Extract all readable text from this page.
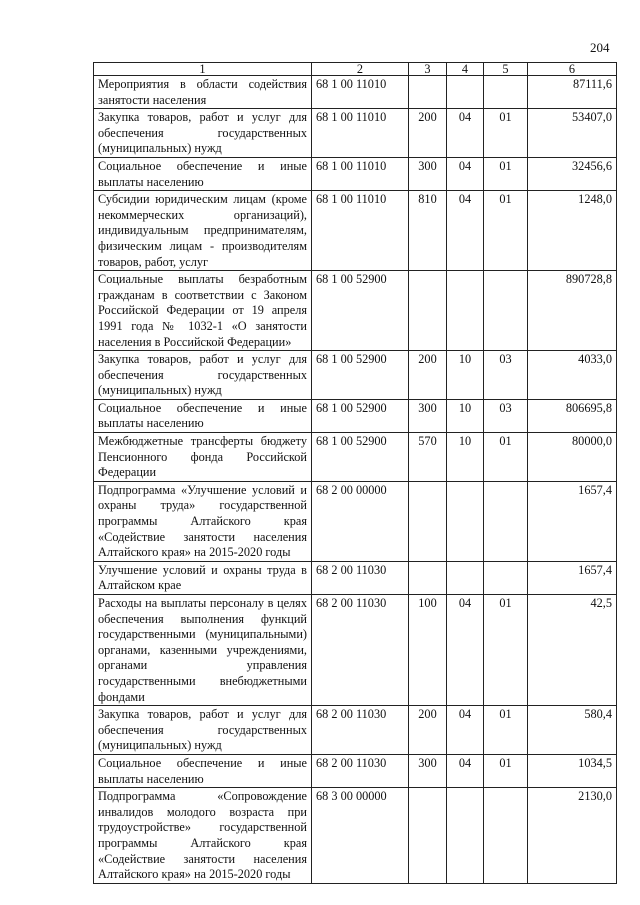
204
1	2	3	4	5	6
Мероприятия в области содействия занятости населения	68 1 00 11010				87111,6
Закупка товаров, работ и услуг для обеспечения государственных (муниципальных) нужд	68 1 00 11010	200	04	01	53407,0
Социальное обеспечение и иные выплаты населению	68 1 00 11010	300	04	01	32456,6
Субсидии юридическим лицам (кроме некоммерческих организаций), индивидуальным предпринимателям, физическим лицам - производителям товаров, работ, услуг	68 1 00 11010	810	04	01	1248,0
Социальные выплаты безработным гражданам в соответствии с Законом Российской Федерации от 19 апреля 1991 года № 1032-1 «О занятости населения в Российской Федерации»	68 1 00 52900				890728,8
Закупка товаров, работ и услуг для обеспечения государственных (муниципальных) нужд	68 1 00 52900	200	10	03	4033,0
Социальное обеспечение и иные выплаты населению	68 1 00 52900	300	10	03	806695,8
Межбюджетные трансферты бюджету Пенсионного фонда Российской Федерации	68 1 00 52900	570	10	01	80000,0
Подпрограмма «Улучшение условий и охраны труда» государственной программы Алтайского края «Содействие занятости населения Алтайского края» на 2015-2020 годы	68 2 00 00000				1657,4
Улучшение условий и охраны труда в Алтайском крае	68 2 00 11030				1657,4
Расходы на выплаты персоналу в целях обеспечения выполнения функций государственными (муниципальными) органами, казенными учреждениями, органами управления государственными внебюджетными фондами	68 2 00 11030	100	04	01	42,5
Закупка товаров, работ и услуг для обеспечения государственных (муниципальных) нужд	68 2 00 11030	200	04	01	580,4
Социальное обеспечение и иные выплаты населению	68 2 00 11030	300	04	01	1034,5
Подпрограмма «Сопровождение инвалидов молодого возраста при трудоустройстве» государственной программы Алтайского края «Содействие занятости населения Алтайского края» на 2015-2020 годы	68 3 00 00000				2130,0
